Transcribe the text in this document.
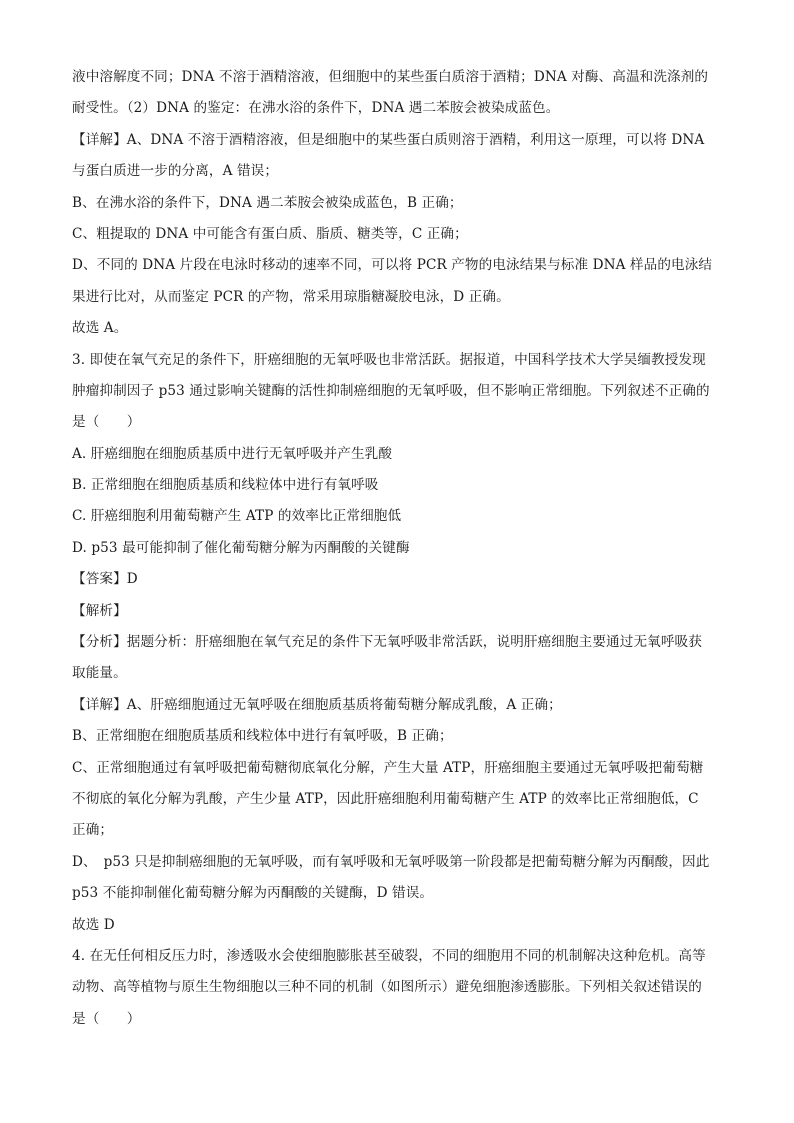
液中溶解度不同；DNA 不溶于酒精溶液，但细胞中的某些蛋白质溶于酒精；DNA 对酶、高温和洗涤剂的
耐受性。（2）DNA 的鉴定：在沸水浴的条件下，DNA 遇二苯胺会被染成蓝色。
【详解】A、DNA 不溶于酒精溶液，但是细胞中的某些蛋白质则溶于酒精，利用这一原理，可以将 DNA
与蛋白质进一步的分离，A 错误；
B、在沸水浴的条件下，DNA 遇二苯胺会被染成蓝色，B 正确；
C、粗提取的 DNA 中可能含有蛋白质、脂质、糖类等，C 正确；
D、不同的 DNA 片段在电泳时移动的速率不同，可以将 PCR 产物的电泳结果与标准 DNA 样品的电泳结
果进行比对，从而鉴定 PCR 的产物，常采用琼脂糖凝胶电泳，D 正确。
故选 A。
3. 即使在氧气充足的条件下，肝癌细胞的无氧呼吸也非常活跃。据报道，中国科学技术大学吴缅教授发现
肿瘤抑制因子 p53 通过影响关键酶的活性抑制癌细胞的无氧呼吸，但不影响正常细胞。下列叙述不正确的
是（　　）
A. 肝癌细胞在细胞质基质中进行无氧呼吸并产生乳酸
B. 正常细胞在细胞质基质和线粒体中进行有氧呼吸
C. 肝癌细胞利用葡萄糖产生 ATP 的效率比正常细胞低
D. p53 最可能抑制了催化葡萄糖分解为丙酮酸的关键酶
【答案】D
【解析】
【分析】据题分析：肝癌细胞在氧气充足的条件下无氧呼吸非常活跃，说明肝癌细胞主要通过无氧呼吸获
取能量。
【详解】A、肝癌细胞通过无氧呼吸在细胞质基质将葡萄糖分解成乳酸，A 正确；
B、正常细胞在细胞质基质和线粒体中进行有氧呼吸，B 正确；
C、正常细胞通过有氧呼吸把葡萄糖彻底氧化分解，产生大量 ATP，肝癌细胞主要通过无氧呼吸把葡萄糖
不彻底的氧化分解为乳酸，产生少量 ATP，因此肝癌细胞利用葡萄糖产生 ATP 的效率比正常细胞低，C
正确；
D、　p53 只是抑制癌细胞的无氧呼吸，而有氧呼吸和无氧呼吸第一阶段都是把葡萄糖分解为丙酮酸，因此
p53 不能抑制催化葡萄糖分解为丙酮酸的关键酶，D 错误。
故选 D
4. 在无任何相反压力时，渗透吸水会使细胞膨胀甚至破裂，不同的细胞用不同的机制解决这种危机。高等
动物、高等植物与原生生物细胞以三种不同的机制（如图所示）避免细胞渗透膨胀。下列相关叙述错误的
是（　　）
